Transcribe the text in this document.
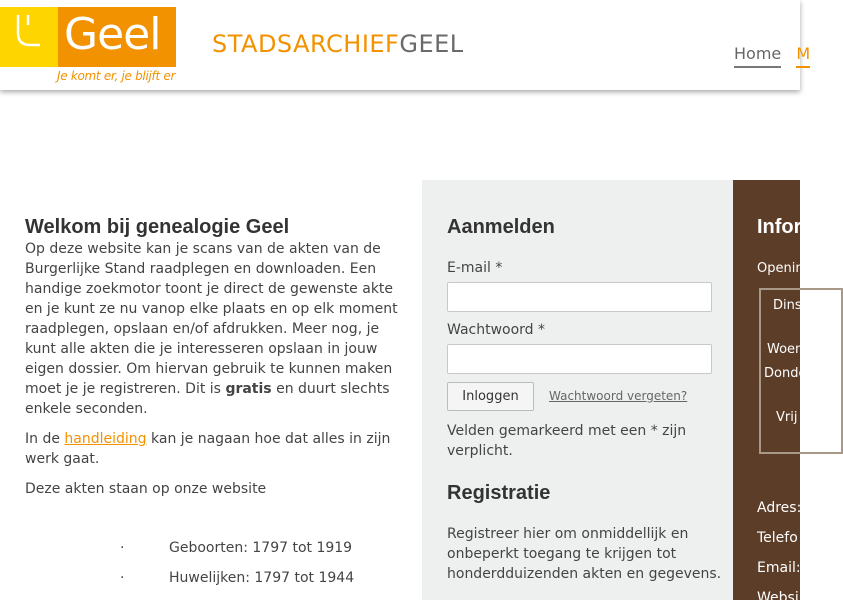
Geel
Je komt er, je blijft er
STADSARCHIEFGEEL	Home M
Welkom bij genealogie Geel

Op deze website kan je scans van de akten van de Burgerlijke Stand raadplegen en downloaden. Een handige zoekmotor toont je direct de gewenste akte en je kunt ze nu vanop elke plaats en op elk moment raadplegen, opslaan en/of afdrukken. Meer nog, je kunt alle akten die je interesseren opslaan in jouw eigen dossier. Om hiervan gebruik te kunnen maken moet je je registreren. Dit is gratis en duurt slechts enkele seconden.

In de handleiding kan je nagaan hoe dat alles in zijn werk gaat.

Deze akten staan op onze website

·	Geboorten: 1797 tot 1919
·	Huwelijken: 1797 tot 1944
Aanmelden
E-mail *
Wachtwoord *
Inloggen	Wachtwoord vergeten?
Velden gemarkeerd met een * zijn verplicht.
Registratie
Registreer hier om onmiddellijk en onbeperkt toegang te krijgen tot honderdduizenden akten en gegevens.
Infor
Openin
Dins
Woen
Donde
Vrij
Adres:
Telefo
Email:
Websi
